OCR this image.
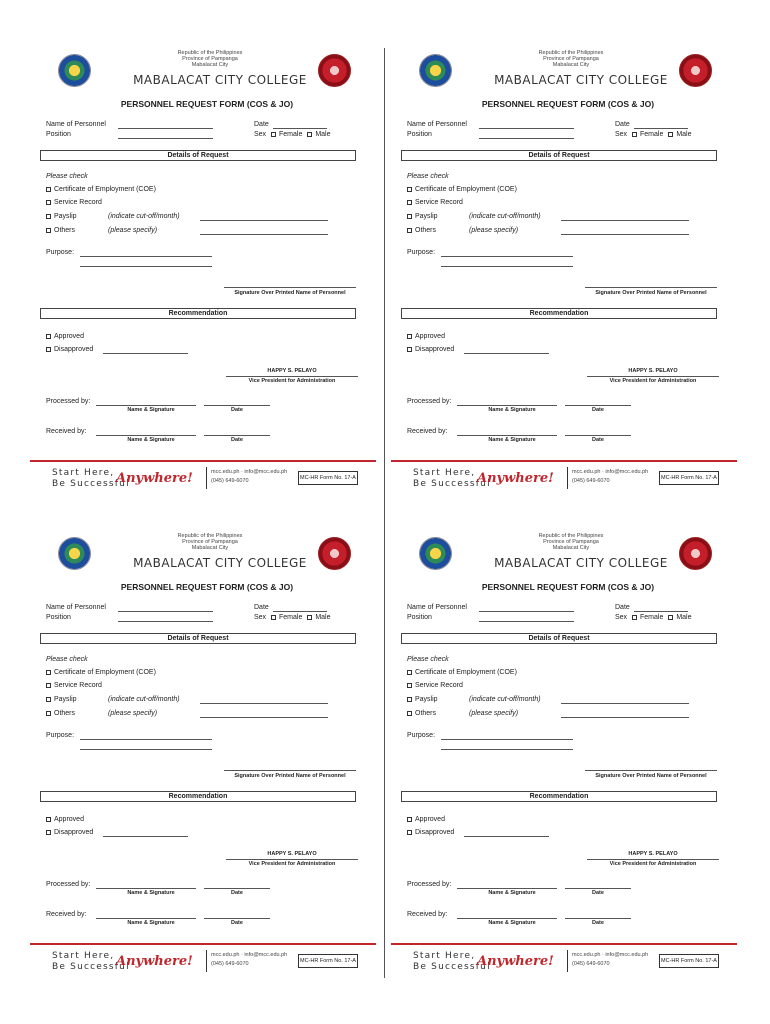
Republic of the Philippines
Province of Pampanga
Mabalacat City
MABALACAT CITY COLLEGE
PERSONNEL REQUEST FORM (COS & JO)
Name of Personnel
Position
Date
Sex Female Male
Details of Request
Please check
Certificate of Employment (COE)
Service Record
Payslip	(indicate cut-off/month)
Others	(please specify)
Purpose:
Signature Over Printed Name of Personnel
Recommendation
Approved
Disapproved
HAPPY S. PELAYO
Vice President for Administration
Processed by:
Name & Signature	Date
Received by:
Name & Signature	Date
Start Here,
Be Successful
Anywhere!	mcc.edu.ph · info@mcc.edu.ph
(045) 649-6070	MC-HR Form No. 17-A
Republic of the Philippines
Province of Pampanga
Mabalacat City
MABALACAT CITY COLLEGE
PERSONNEL REQUEST FORM (COS & JO)
Name of Personnel
Position
Date
Sex Female Male
Details of Request
Please check
Certificate of Employment (COE)
Service Record
Payslip	(indicate cut-off/month)
Others	(please specify)
Purpose:
Signature Over Printed Name of Personnel
Recommendation
Approved
Disapproved
HAPPY S. PELAYO
Vice President for Administration
Processed by:
Name & Signature	Date
Received by:
Name & Signature	Date
Start Here,
Be Successful
Anywhere!	mcc.edu.ph · info@mcc.edu.ph
(045) 649-6070	MC-HR Form No. 17-A
Republic of the Philippines
Province of Pampanga
Mabalacat City
MABALACAT CITY COLLEGE
PERSONNEL REQUEST FORM (COS & JO)
Name of Personnel
Position
Date
Sex Female Male
Details of Request
Please check
Certificate of Employment (COE)
Service Record
Payslip	(indicate cut-off/month)
Others	(please specify)
Purpose:
Signature Over Printed Name of Personnel
Recommendation
Approved
Disapproved
HAPPY S. PELAYO
Vice President for Administration
Processed by:
Name & Signature	Date
Received by:
Name & Signature	Date
Start Here,
Be Successful
Anywhere!	mcc.edu.ph · info@mcc.edu.ph
(045) 649-6070	MC-HR Form No. 17-A
Republic of the Philippines
Province of Pampanga
Mabalacat City
MABALACAT CITY COLLEGE
PERSONNEL REQUEST FORM (COS & JO)
Name of Personnel
Position
Date
Sex Female Male
Details of Request
Please check
Certificate of Employment (COE)
Service Record
Payslip	(indicate cut-off/month)
Others	(please specify)
Purpose:
Signature Over Printed Name of Personnel
Recommendation
Approved
Disapproved
HAPPY S. PELAYO
Vice President for Administration
Processed by:
Name & Signature	Date
Received by:
Name & Signature	Date
Start Here,
Be Successful
Anywhere!	mcc.edu.ph · info@mcc.edu.ph
(045) 649-6070	MC-HR Form No. 17-A
